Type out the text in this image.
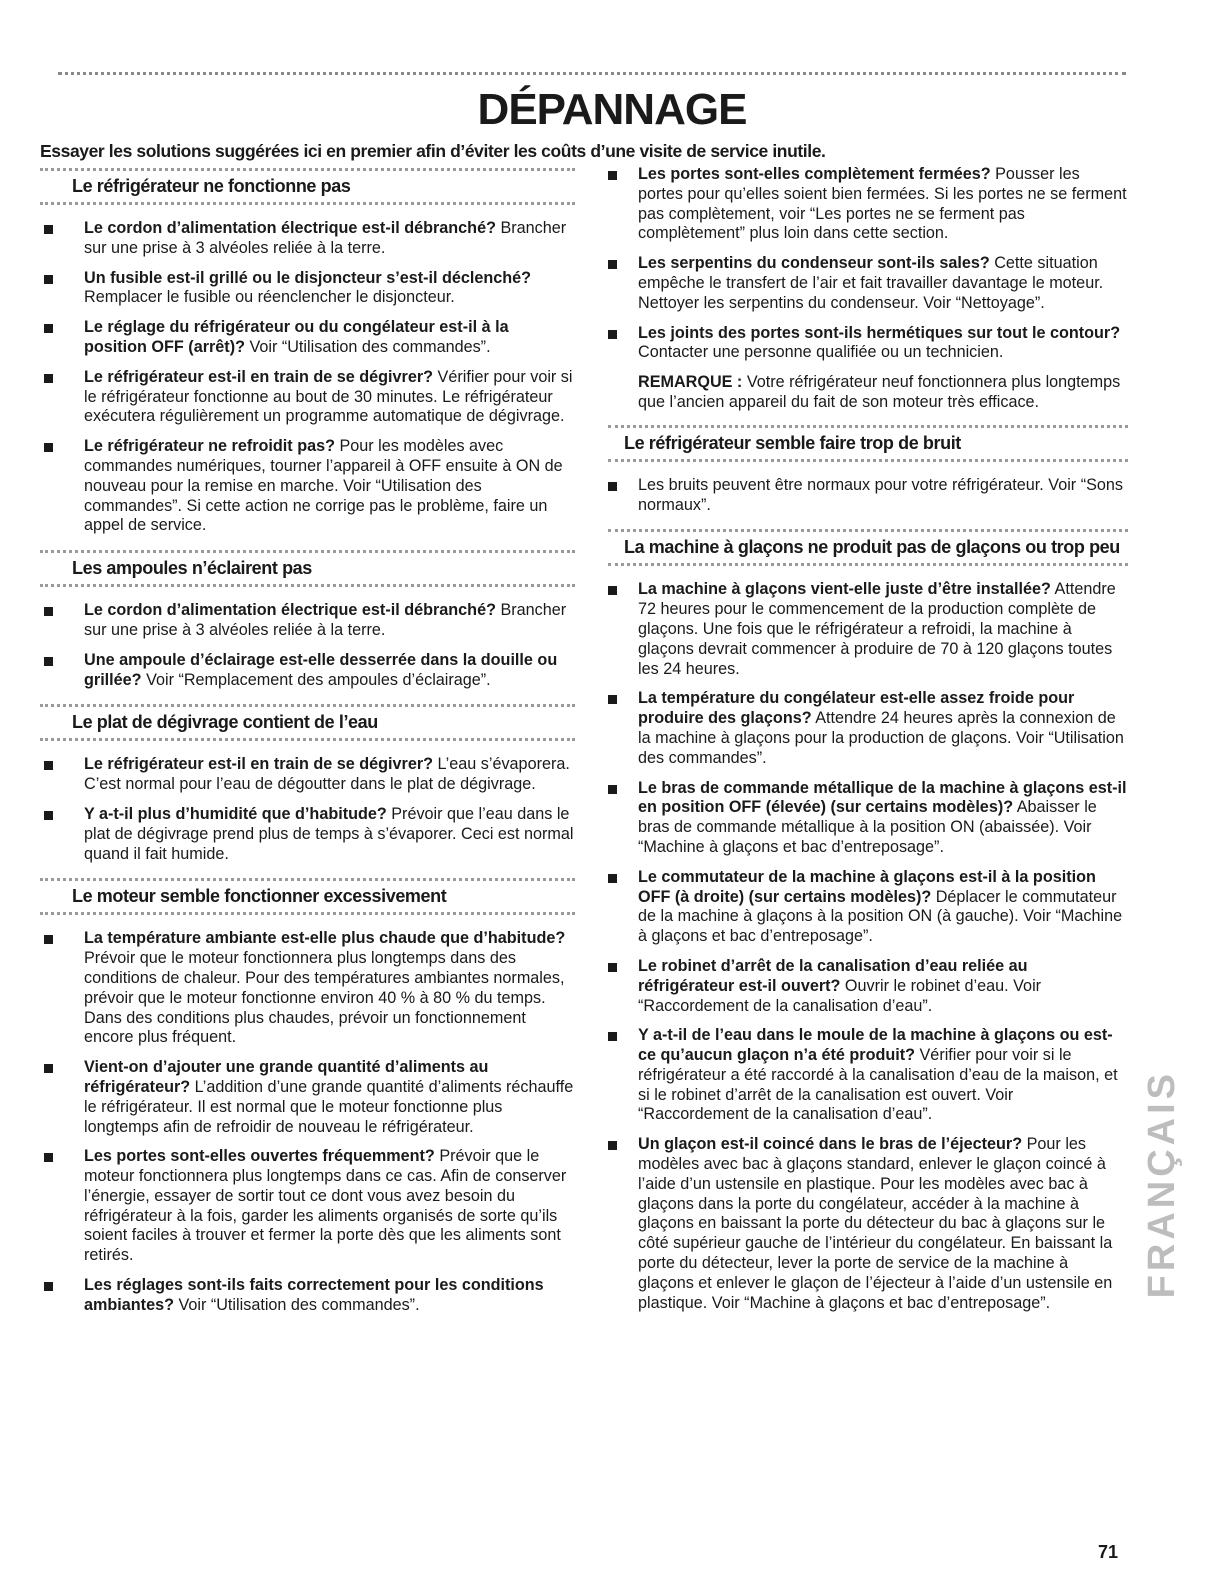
DÉPANNAGE

Essayer les solutions suggérées ici en premier afin d’éviter les coûts d’une visite de service inutile.

Le réfrigérateur ne fonctionne pas
Le cordon d’alimentation électrique est-il débranché? Brancher sur une prise à 3 alvéoles reliée à la terre.
Un fusible est-il grillé ou le disjoncteur s’est-il déclenché? Remplacer le fusible ou réenclencher le disjoncteur.
Le réglage du réfrigérateur ou du congélateur est-il à la position OFF (arrêt)? Voir “Utilisation des commandes”.
Le réfrigérateur est-il en train de se dégivrer? Vérifier pour voir si le réfrigérateur fonctionne au bout de 30 minutes. Le réfrigérateur exécutera régulièrement un programme automatique de dégivrage.
Le réfrigérateur ne refroidit pas? Pour les modèles avec commandes numériques, tourner l’appareil à OFF ensuite à ON de nouveau pour la remise en marche. Voir “Utilisation des commandes”. Si cette action ne corrige pas le problème, faire un appel de service.
Les ampoules n’éclairent pas
Le cordon d’alimentation électrique est-il débranché? Brancher sur une prise à 3 alvéoles reliée à la terre.
Une ampoule d’éclairage est-elle desserrée dans la douille ou grillée? Voir “Remplacement des ampoules d’éclairage”.
Le plat de dégivrage contient de l’eau
Le réfrigérateur est-il en train de se dégivrer? L’eau s’évaporera. C’est normal pour l’eau de dégoutter dans le plat de dégivrage.
Y a-t-il plus d’humidité que d’habitude? Prévoir que l’eau dans le plat de dégivrage prend plus de temps à s’évaporer. Ceci est normal quand il fait humide.
Le moteur semble fonctionner excessivement
La température ambiante est-elle plus chaude que d’habitude? Prévoir que le moteur fonctionnera plus longtemps dans des conditions de chaleur. Pour des températures ambiantes normales, prévoir que le moteur fonctionne environ 40 % à 80 % du temps. Dans des conditions plus chaudes, prévoir un fonctionnement encore plus fréquent.
Vient-on d’ajouter une grande quantité d’aliments au réfrigérateur? L’addition d’une grande quantité d’aliments réchauffe le réfrigérateur. Il est normal que le moteur fonctionne plus longtemps afin de refroidir de nouveau le réfrigérateur.
Les portes sont-elles ouvertes fréquemment? Prévoir que le moteur fonctionnera plus longtemps dans ce cas. Afin de conserver l’énergie, essayer de sortir tout ce dont vous avez besoin du réfrigérateur à la fois, garder les aliments organisés de sorte qu’ils soient faciles à trouver et fermer la porte dès que les aliments sont retirés.
Les réglages sont-ils faits correctement pour les conditions ambiantes? Voir “Utilisation des commandes”.
Les portes sont-elles complètement fermées? Pousser les portes pour qu’elles soient bien fermées. Si les portes ne se ferment pas complètement, voir “Les portes ne se ferment pas complètement” plus loin dans cette section.
Les serpentins du condenseur sont-ils sales? Cette situation empêche le transfert de l’air et fait travailler davantage le moteur. Nettoyer les serpentins du condenseur. Voir “Nettoyage”.
Les joints des portes sont-ils hermétiques sur tout le contour? Contacter une personne qualifiée ou un technicien.

REMARQUE : Votre réfrigérateur neuf fonctionnera plus longtemps que l’ancien appareil du fait de son moteur très efficace.

Le réfrigérateur semble faire trop de bruit
Les bruits peuvent être normaux pour votre réfrigérateur. Voir “Sons normaux”.
La machine à glaçons ne produit pas de glaçons ou trop peu
La machine à glaçons vient-elle juste d’être installée? Attendre 72 heures pour le commencement de la production complète de glaçons. Une fois que le réfrigérateur a refroidi, la machine à glaçons devrait commencer à produire de 70 à 120 glaçons toutes les 24 heures.
La température du congélateur est-elle assez froide pour produire des glaçons? Attendre 24 heures après la connexion de la machine à glaçons pour la production de glaçons. Voir “Utilisation des commandes”.
Le bras de commande métallique de la machine à glaçons est-il en position OFF (élevée) (sur certains modèles)? Abaisser le bras de commande métallique à la position ON (abaissée). Voir “Machine à glaçons et bac d’entreposage”.
Le commutateur de la machine à glaçons est-il à la position OFF (à droite) (sur certains modèles)? Déplacer le commutateur de la machine à glaçons à la position ON (à gauche). Voir “Machine à glaçons et bac d’entreposage”.
Le robinet d’arrêt de la canalisation d’eau reliée au réfrigérateur est-il ouvert? Ouvrir le robinet d’eau. Voir “Raccordement de la canalisation d’eau”.
Y a-t-il de l’eau dans le moule de la machine à glaçons ou est-ce qu’aucun glaçon n’a été produit? Vérifier pour voir si le réfrigérateur a été raccordé à la canalisation d’eau de la maison, et si le robinet d’arrêt de la canalisation est ouvert. Voir “Raccordement de la canalisation d’eau”.
Un glaçon est-il coincé dans le bras de l’éjecteur? Pour les modèles avec bac à glaçons standard, enlever le glaçon coincé à l’aide d’un ustensile en plastique. Pour les modèles avec bac à glaçons dans la porte du congélateur, accéder à la machine à glaçons en baissant la porte du détecteur du bac à glaçons sur le côté supérieur gauche de l’intérieur du congélateur. En baissant la porte du détecteur, lever la porte de service de la machine à glaçons et enlever le glaçon de l’éjecteur à l’aide d’un ustensile en plastique. Voir “Machine à glaçons et bac d’entreposage”.
FRANÇAIS
71
